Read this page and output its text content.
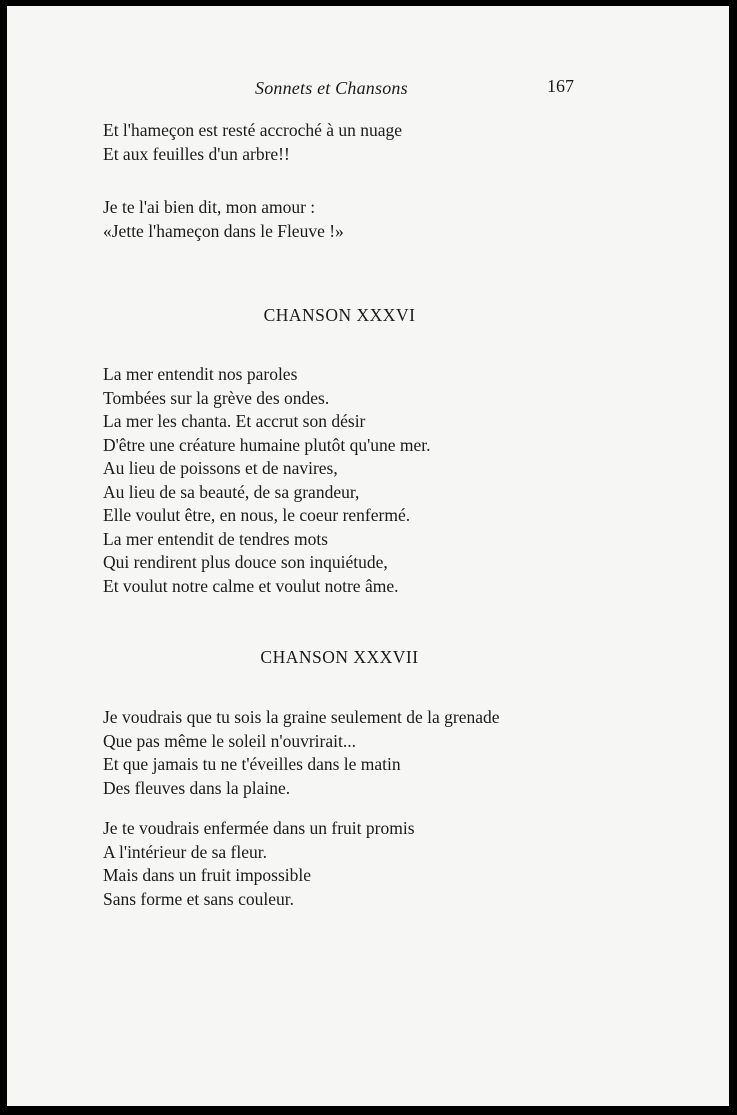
Sonnets et Chansons	167
Et l'hameçon est resté accroché à un nuage
Et aux feuilles d'un arbre!!
Je te l'ai bien dit, mon amour :
«Jette l'hameçon dans le Fleuve !»
CHANSON XXXVI
La mer entendit nos paroles
Tombées sur la grève des ondes.
La mer les chanta. Et accrut son désir
D'être une créature humaine plutôt qu'une mer.
Au lieu de poissons et de navires,
Au lieu de sa beauté, de sa grandeur,
Elle voulut être, en nous, le coeur renfermé.
La mer entendit de tendres mots
Qui rendirent plus douce son inquiétude,
Et voulut notre calme et voulut notre âme.
CHANSON XXXVII
Je voudrais que tu sois la graine seulement de la grenade
Que pas même le soleil n'ouvrirait...
Et que jamais tu ne t'éveilles dans le matin
Des fleuves dans la plaine.
Je te voudrais enfermée dans un fruit promis
A l'intérieur de sa fleur.
Mais dans un fruit impossible
Sans forme et sans couleur.
